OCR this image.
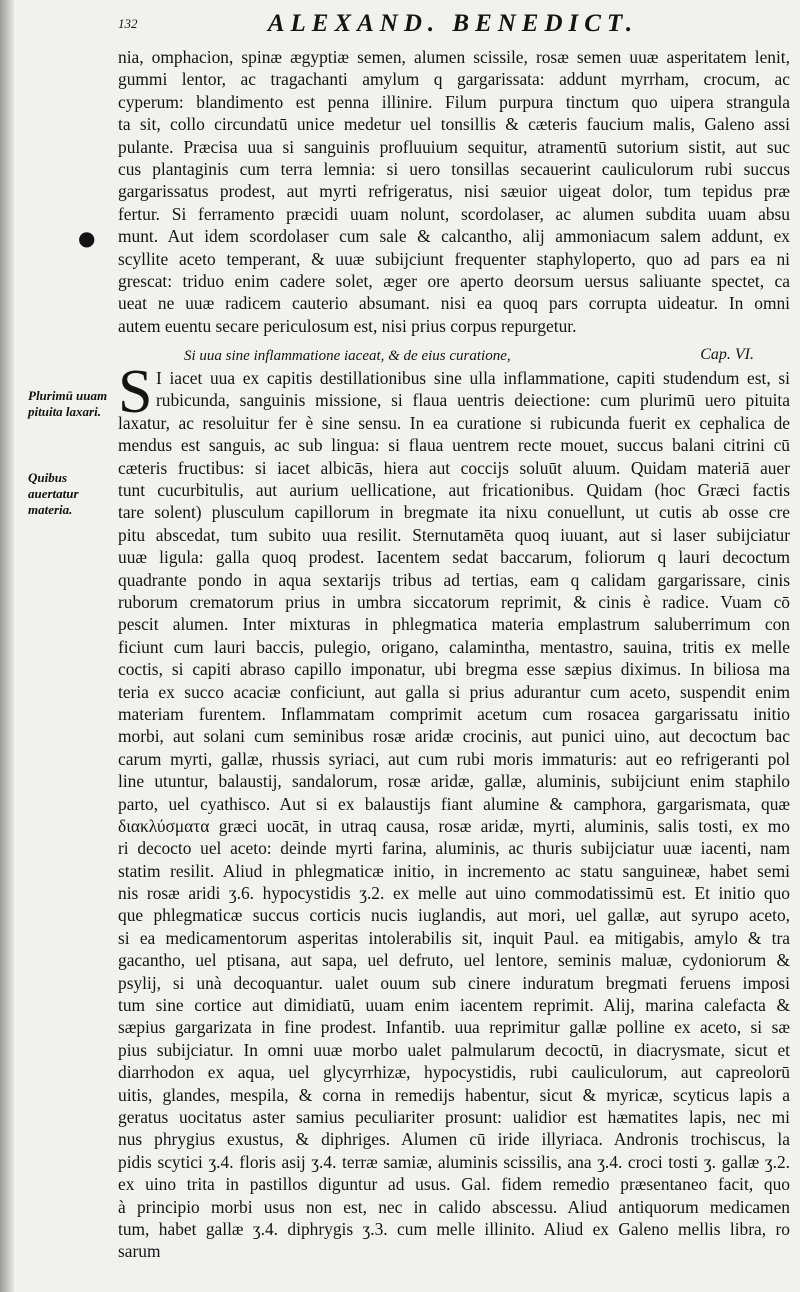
132	ALEXAND. BENEDICT.
●
Plurimū uuam pituita laxari.
Quibus auertatur materia.
nia, omphacion, spinæ ægyptiæ semen, alumen scissile, rosæ semen uuæ asperitatem lenit,
gummi lentor, ac tragachanti amylum q gargarissata: addunt myrrham, crocum, ac
cyperum: blandimento est penna illinire. Filum purpura tinctum quo uipera strangula
ta sit, collo circundatū unice medetur uel tonsillis & cæteris faucium malis, Galeno assi
pulante. Præcisa uua si sanguinis profluuium sequitur, atramentū sutorium sistit, aut suc
cus plantaginis cum terra lemnia: si uero tonsillas secauerint cauliculorum rubi succus
gargarissatus prodest, aut myrti refrigeratus, nisi sæuior uigeat dolor, tum tepidus præ
fertur. Si ferramento præcidi uuam nolunt, scordolaser, ac alumen subdita uuam absu
munt. Aut idem scordolaser cum sale & calcantho, alij ammoniacum salem addunt, ex
scyllite aceto temperant, & uuæ subijciunt frequenter staphyloperto, quo ad pars ea ni
grescat: triduo enim cadere solet, æger ore aperto deorsum uersus saliuante spectet, ca
ueat ne uuæ radicem cauterio absumant. nisi ea quoq pars corrupta uideatur. In omni
autem euentu secare periculosum est, nisi prius corpus repurgetur.
Si uua sine inflammatione iaceat, & de eius curatione,	Cap. VI.
S I iacet uua ex capitis destillationibus sine ulla inflammatione, capiti studendum est, si
rubicunda, sanguinis missione, si flaua uentris deiectione: cum plurimū uero pituita
laxatur, ac resoluitur fer è sine sensu. In ea curatione si rubicunda fuerit ex cephalica de
mendus est sanguis, ac sub lingua: si flaua uentrem recte mouet, succus balani citrini cū
cæteris fructibus: si iacet albicās, hiera aut coccijs soluūt aluum. Quidam materiā auer
tunt cucurbitulis, aut aurium uellicatione, aut fricationibus. Quidam (hoc Græci factis
tare solent) plusculum capillorum in bregmate ita nixu conuellunt, ut cutis ab osse cre
pitu abscedat, tum subito uua resilit. Sternutamēta quoq iuuant, aut si laser subijciatur
uuæ ligula: galla quoq prodest. Iacentem sedat baccarum, foliorum q lauri decoctum
quadrante pondo in aqua sextarijs tribus ad tertias, eam q calidam gargarissare, cinis
ruborum crematorum prius in umbra siccatorum reprimit, & cinis è radice. Vuam cō
pescit alumen. Inter mixturas in phlegmatica materia emplastrum saluberrimum con
ficiunt cum lauri baccis, pulegio, origano, calamintha, mentastro, sauina, tritis ex melle
coctis, si capiti abraso capillo imponatur, ubi bregma esse sæpius diximus. In biliosa ma
teria ex succo acaciæ conficiunt, aut galla si prius adurantur cum aceto, suspendit enim
materiam furentem. Inflammatam comprimit acetum cum rosacea gargarissatu initio
morbi, aut solani cum seminibus rosæ aridæ crocinis, aut punici uino, aut decoctum bac
carum myrti, gallæ, rhussis syriaci, aut cum rubi moris immaturis: aut eo refrigeranti pol
line utuntur, balaustij, sandalorum, rosæ aridæ, gallæ, aluminis, subijciunt enim staphilo
parto, uel cyathisco. Aut si ex balaustijs fiant alumine & camphora, gargarismata, quæ
διακλύσματα græci uocāt, in utraq causa, rosæ aridæ, myrti, aluminis, salis tosti, ex mo
ri decocto uel aceto: deinde myrti farina, aluminis, ac thuris subijciatur uuæ iacenti, nam
statim resilit. Aliud in phlegmaticæ initio, in incremento ac statu sanguineæ, habet semi
nis rosæ aridi ʒ.6. hypocystidis ʒ.2. ex melle aut uino commodatissimū est. Et initio quo
que phlegmaticæ succus corticis nucis iuglandis, aut mori, uel gallæ, aut syrupo aceto,
si ea medicamentorum asperitas intolerabilis sit, inquit Paul. ea mitigabis, amylo & tra
gacantho, uel ptisana, aut sapa, uel defruto, uel lentore, seminis maluæ, cydoniorum &
psylij, si unà decoquantur. ualet ouum sub cinere induratum bregmati feruens imposi
tum sine cortice aut dimidiatū, uuam enim iacentem reprimit. Alij, marina calefacta &
sæpius gargarizata in fine prodest. Infantib. uua reprimitur gallæ polline ex aceto, si sæ
pius subijciatur. In omni uuæ morbo ualet palmularum decoctū, in diacrysmate, sicut et
diarrhodon ex aqua, uel glycyrrhizæ, hypocystidis, rubi cauliculorum, aut capreolorū
uitis, glandes, mespila, & corna in remedijs habentur, sicut & myricæ, scyticus lapis a
geratus uocitatus aster samius peculiariter prosunt: ualidior est hæmatites lapis, nec mi
nus phrygius exustus, & diphriges. Alumen cū iride illyriaca. Andronis trochiscus, la
pidis scytici ʒ.4. floris asij ʒ.4. terræ samiæ, aluminis scissilis, ana ʒ.4. croci tosti ʒ. gallæ ʒ.2.
ex uino trita in pastillos diguntur ad usus. Gal. fidem remedio præsentaneo facit, quo
à principio morbi usus non est, nec in calido abscessu. Aliud antiquorum medicamen
tum, habet gallæ ʒ.4. diphrygis ʒ.3. cum melle illinito. Aliud ex Galeno mellis libra, ro
sarum
